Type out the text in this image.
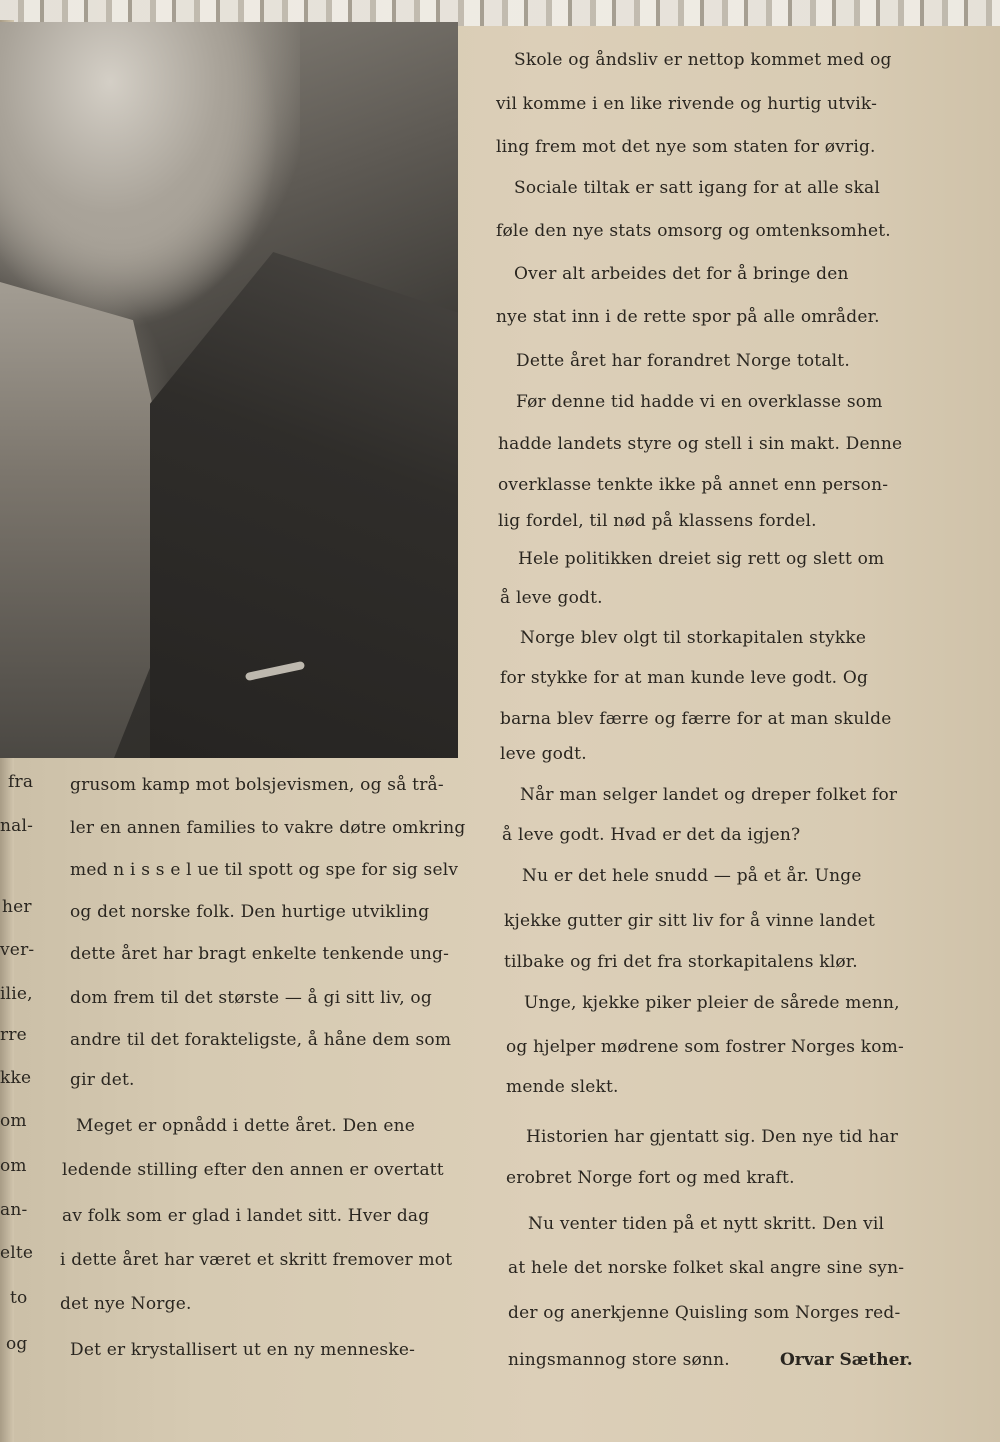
fra
nal-
her
ver-
ilie,
rre
kke
om
om
an-
elte
to
og
grusom kamp mot bolsjevismen, og så trå-
ler en annen families to vakre døtre omkring
med n i s s e l ue til spott og spe for sig selv
og det norske folk. Den hurtige utvikling
dette året har bragt enkelte tenkende ung-
dom frem til det største — å gi sitt liv, og
andre til det forakteligste, å håne dem som
gir det.
Meget er opnådd i dette året. Den ene
ledende stilling efter den annen er overtatt
av folk som er glad i landet sitt. Hver dag
i dette året har været et skritt fremover mot
det nye Norge.
Det er krystallisert ut en ny menneske-
Skole og åndsliv er nettop kommet med og
vil komme i en like rivende og hurtig utvik-
ling frem mot det nye som staten for øvrig.
Sociale tiltak er satt igang for at alle skal
føle den nye stats omsorg og omtenksomhet.
Over alt arbeides det for å bringe den
nye stat inn i de rette spor på alle områder.
Dette året har forandret Norge totalt.
Før denne tid hadde vi en overklasse som
hadde landets styre og stell i sin makt. Denne
overklasse tenkte ikke på annet enn person-
lig fordel, til nød på klassens fordel.
Hele politikken dreiet sig rett og slett om
å leve godt.
Norge blev olgt til storkapitalen stykke
for stykke for at man kunde leve godt. Og
barna blev færre og færre for at man skulde
leve godt.
Når man selger landet og dreper folket for
å leve godt. Hvad er det da igjen?
Nu er det hele snudd — på et år. Unge
kjekke gutter gir sitt liv for å vinne landet
tilbake og fri det fra storkapitalens klør.
Unge, kjekke piker pleier de sårede menn,
og hjelper mødrene som fostrer Norges kom-
mende slekt.
Historien har gjentatt sig. Den nye tid har
erobret Norge fort og med kraft.
Nu venter tiden på et nytt skritt. Den vil
at hele det norske folket skal angre sine syn-
der og anerkjenne Quisling som Norges red-
ningsmannog store sønn.	Orvar Sæther.
